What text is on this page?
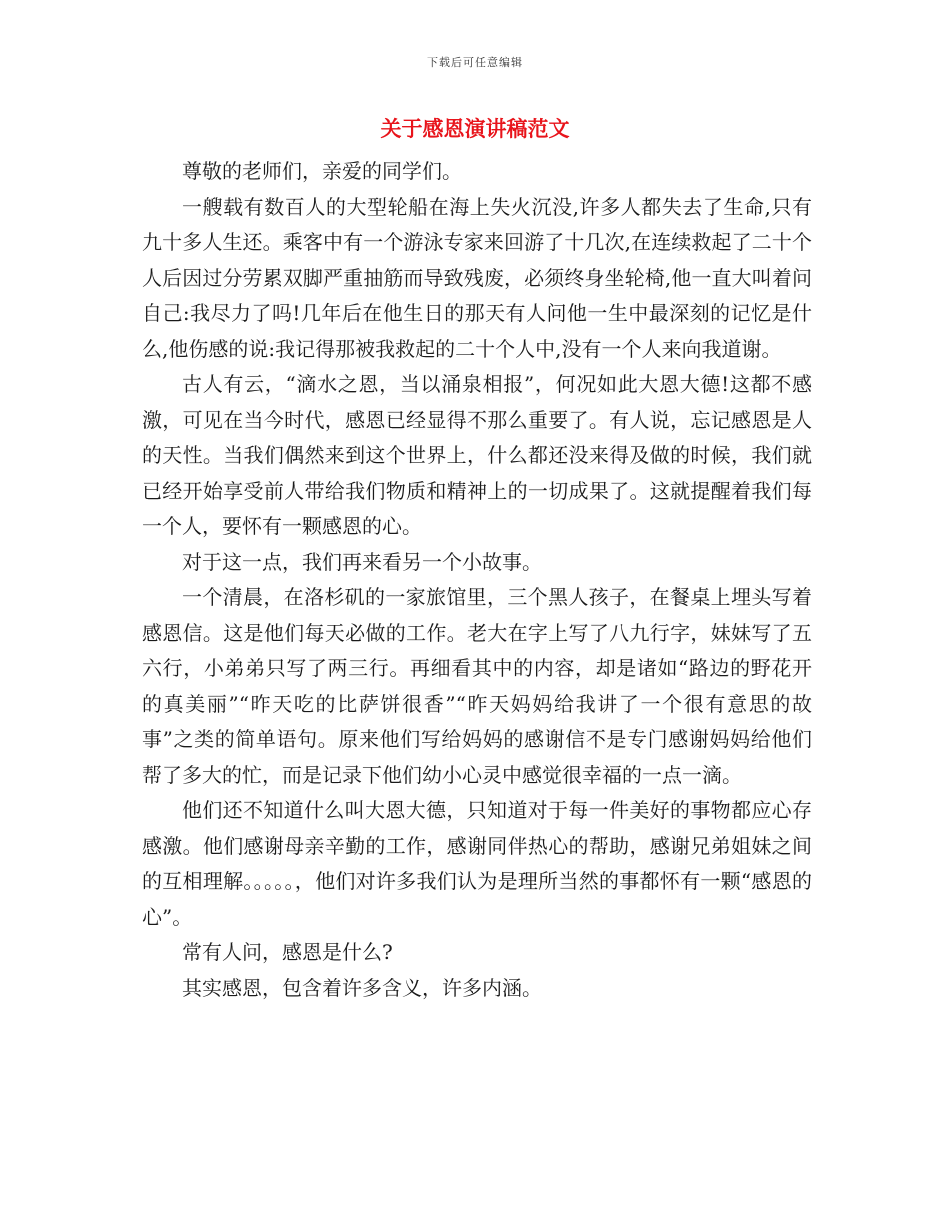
下载后可任意编辑
关于感恩演讲稿范文

尊敬的老师们，亲爱的同学们。

一艘载有数百人的大型轮船在海上失火沉没,许多人都失去了生命,只有九十多人生还。乘客中有一个游泳专家来回游了十几次,在连续救起了二十个人后因过分劳累双脚严重抽筋而导致残废，必须终身坐轮椅,他一直大叫着问自己:我尽力了吗!几年后在他生日的那天有人问他一生中最深刻的记忆是什么,他伤感的说:我记得那被我救起的二十个人中,没有一个人来向我道谢。

古人有云，“滴水之恩，当以涌泉相报”，何况如此大恩大德!这都不感激，可见在当今时代，感恩已经显得不那么重要了。有人说，忘记感恩是人的天性。当我们偶然来到这个世界上，什么都还没来得及做的时候，我们就已经开始享受前人带给我们物质和精神上的一切成果了。这就提醒着我们每一个人，要怀有一颗感恩的心。

对于这一点，我们再来看另一个小故事。

一个清晨，在洛杉矶的一家旅馆里，三个黑人孩子，在餐桌上埋头写着感恩信。这是他们每天必做的工作。老大在字上写了八九行字，妹妹写了五六行，小弟弟只写了两三行。再细看其中的内容，却是诸如“路边的野花开的真美丽”“昨天吃的比萨饼很香”“昨天妈妈给我讲了一个很有意思的故事”之类的简单语句。原来他们写给妈妈的感谢信不是专门感谢妈妈给他们帮了多大的忙，而是记录下他们幼小心灵中感觉很幸福的一点一滴。

他们还不知道什么叫大恩大德，只知道对于每一件美好的事物都应心存感激。他们感谢母亲辛勤的工作，感谢同伴热心的帮助，感谢兄弟姐妹之间的互相理解。。。。。，他们对许多我们认为是理所当然的事都怀有一颗“感恩的心”。

常有人问，感恩是什么?

其实感恩，包含着许多含义，许多内涵。
